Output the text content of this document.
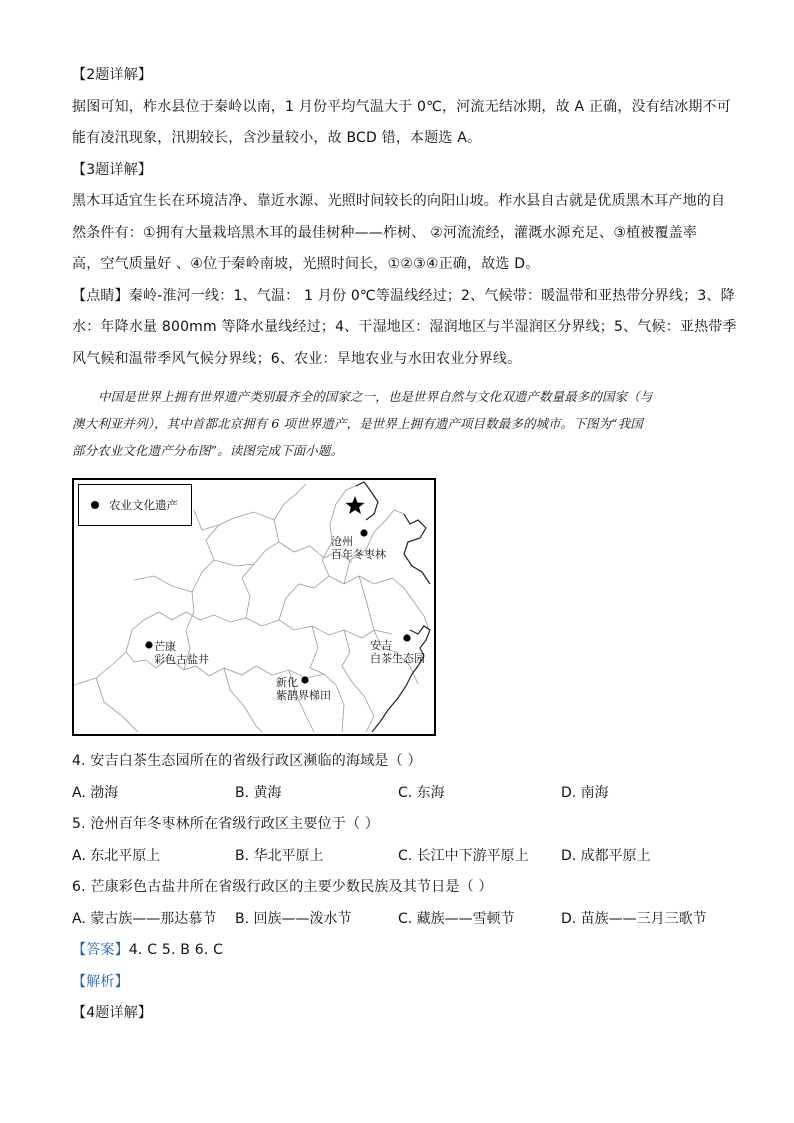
【2题详解】
据图可知，柞水县位于秦岭以南，1 月份平均气温大于 0℃，河流无结冰期，故 A 正确，没有结冰期不可
能有凌汛现象，汛期较长，含沙量较小，故 BCD 错，本题选 A。
【3题详解】
黑木耳适宜生长在环境洁净、靠近水源、光照时间较长的向阳山坡。柞水县自古就是优质黑木耳产地的自
然条件有：①拥有大量栽培黑木耳的最佳树种——柞树、 ②河流流经，灌溉水源充足、③植被覆盖率
高，空气质量好 、④位于秦岭南坡，光照时间长，①②③④正确，故选 D。
【点睛】秦岭-淮河一线：1、气温： 1 月份 0℃等温线经过；2、气候带：暖温带和亚热带分界线；3、降
水：年降水量 800mm 等降水量线经过；4、干湿地区：湿润地区与半湿润区分界线；5、气候：亚热带季
风气候和温带季风气候分界线；6、农业：旱地农业与水田农业分界线。
中国是世界上拥有世界遗产类别最齐全的国家之一，也是世界自然与文化双遗产数量最多的国家（与
澳大利亚并列），其中首都北京拥有 6 项世界遗产，是世界上拥有遗产项目数最多的城市。下图为“我国
部分农业文化遗产分布图”。读图完成下面小题。
农业文化遗产
沧州
百年冬枣林
芒康
彩色古盐井
安吉
白茶生态园
新化
紫鹊界梯田
4. 安吉白茶生态园所在的省级行政区濒临的海域是（ ）
A. 渤海	B. 黄海	C. 东海	D. 南海
5. 沧州百年冬枣林所在省级行政区主要位于（ ）
A. 东北平原上	B. 华北平原上	C. 长江中下游平原上	D. 成都平原上
6. 芒康彩色古盐井所在省级行政区的主要少数民族及其节日是（ ）
A. 蒙古族——那达慕节	B. 回族——泼水节	C. 藏族——雪顿节	D. 苗族——三月三歌节
【答案】4. C 5. B 6. C
【解析】
【4题详解】
